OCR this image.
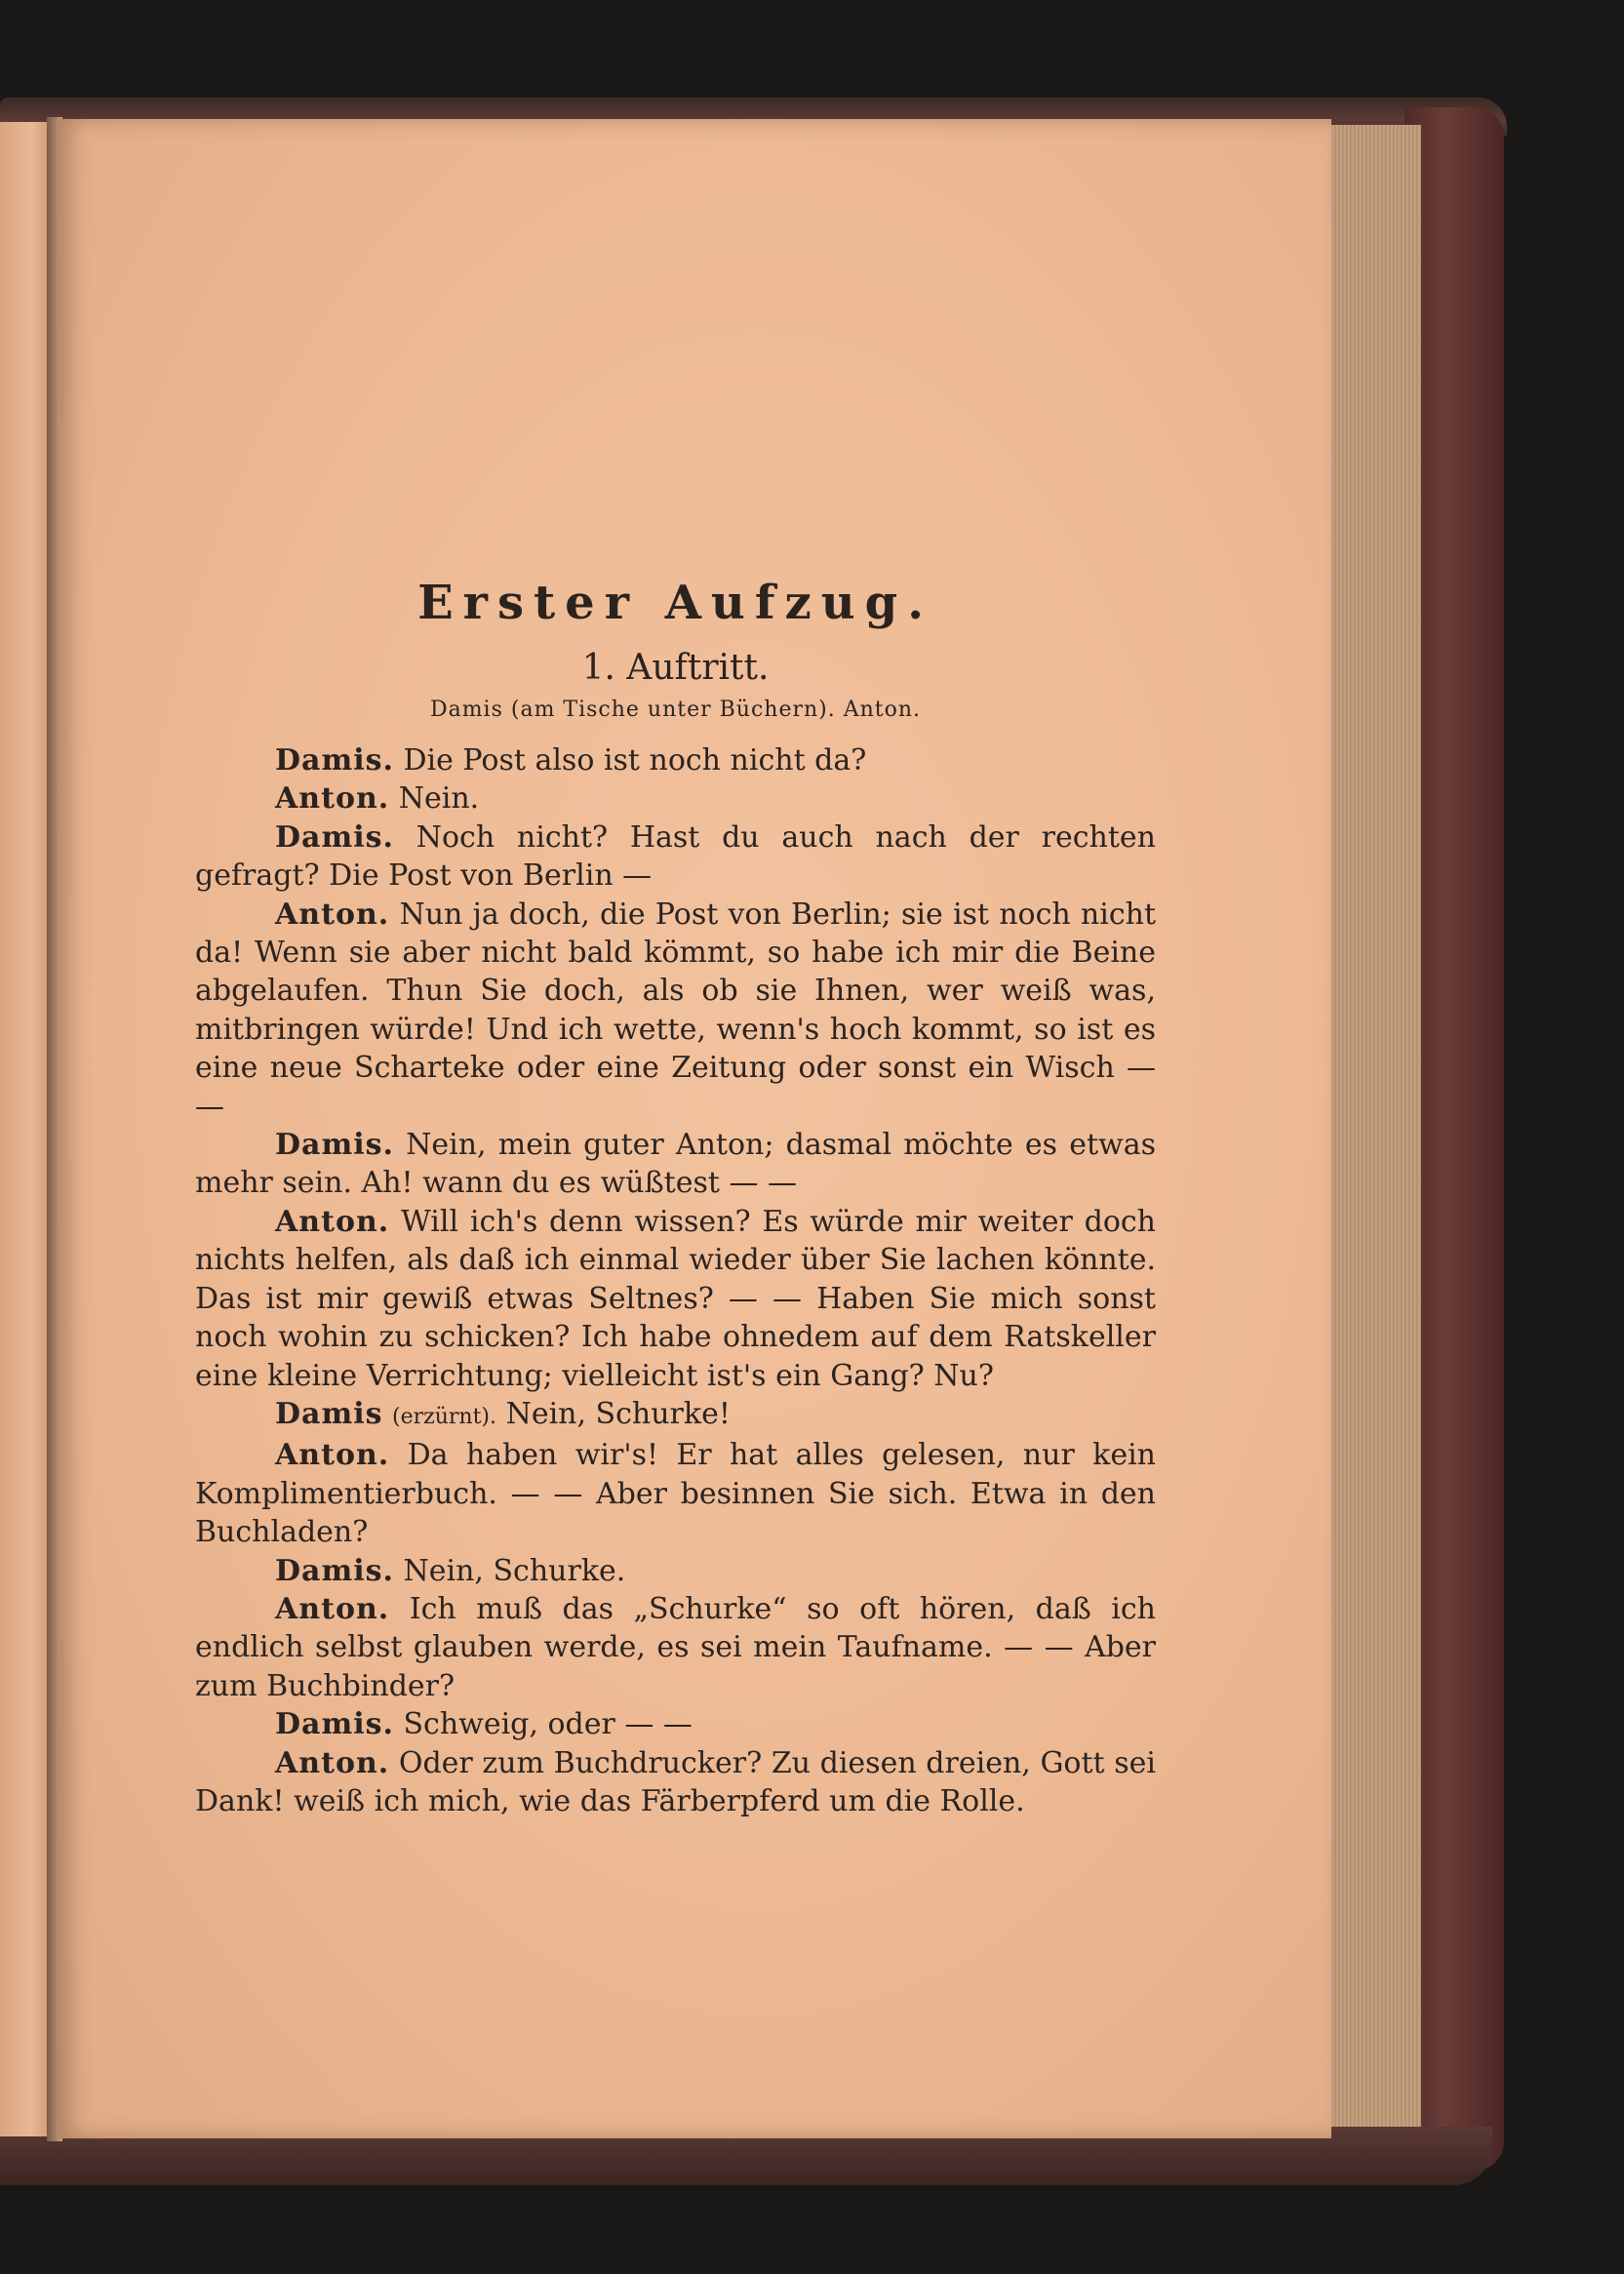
Erster Aufzug.
1. Auftritt.
Damis (am Tische unter Büchern). Anton.

Damis. Die Post also ist noch nicht da?

Anton. Nein.

Damis. Noch nicht? Hast du auch nach der rechten gefragt? Die Post von Berlin —

Anton. Nun ja doch, die Post von Berlin; sie ist noch nicht da! Wenn sie aber nicht bald kömmt, so habe ich mir die Beine abgelaufen. Thun Sie doch, als ob sie Ihnen, wer weiß was, mitbringen würde! Und ich wette, wenn's hoch kommt, so ist es eine neue Scharteke oder eine Zeitung oder sonst ein Wisch — —

Damis. Nein, mein guter Anton; dasmal möchte es etwas mehr sein. Ah! wann du es wüßtest — —

Anton. Will ich's denn wissen? Es würde mir weiter doch nichts helfen, als daß ich einmal wieder über Sie lachen könnte. Das ist mir gewiß etwas Seltnes? — — Haben Sie mich sonst noch wohin zu schicken? Ich habe ohnedem auf dem Ratskeller eine kleine Verrichtung; vielleicht ist's ein Gang? Nu?

Damis (erzürnt). Nein, Schurke!

Anton. Da haben wir's! Er hat alles gelesen, nur kein Komplimentierbuch. — — Aber besinnen Sie sich. Etwa in den Buchladen?

Damis. Nein, Schurke.

Anton. Ich muß das „Schurke“ so oft hören, daß ich endlich selbst glauben werde, es sei mein Taufname. — — Aber zum Buchbinder?

Damis. Schweig, oder — —

Anton. Oder zum Buchdrucker? Zu diesen dreien, Gott sei Dank! weiß ich mich, wie das Färberpferd um die Rolle.
